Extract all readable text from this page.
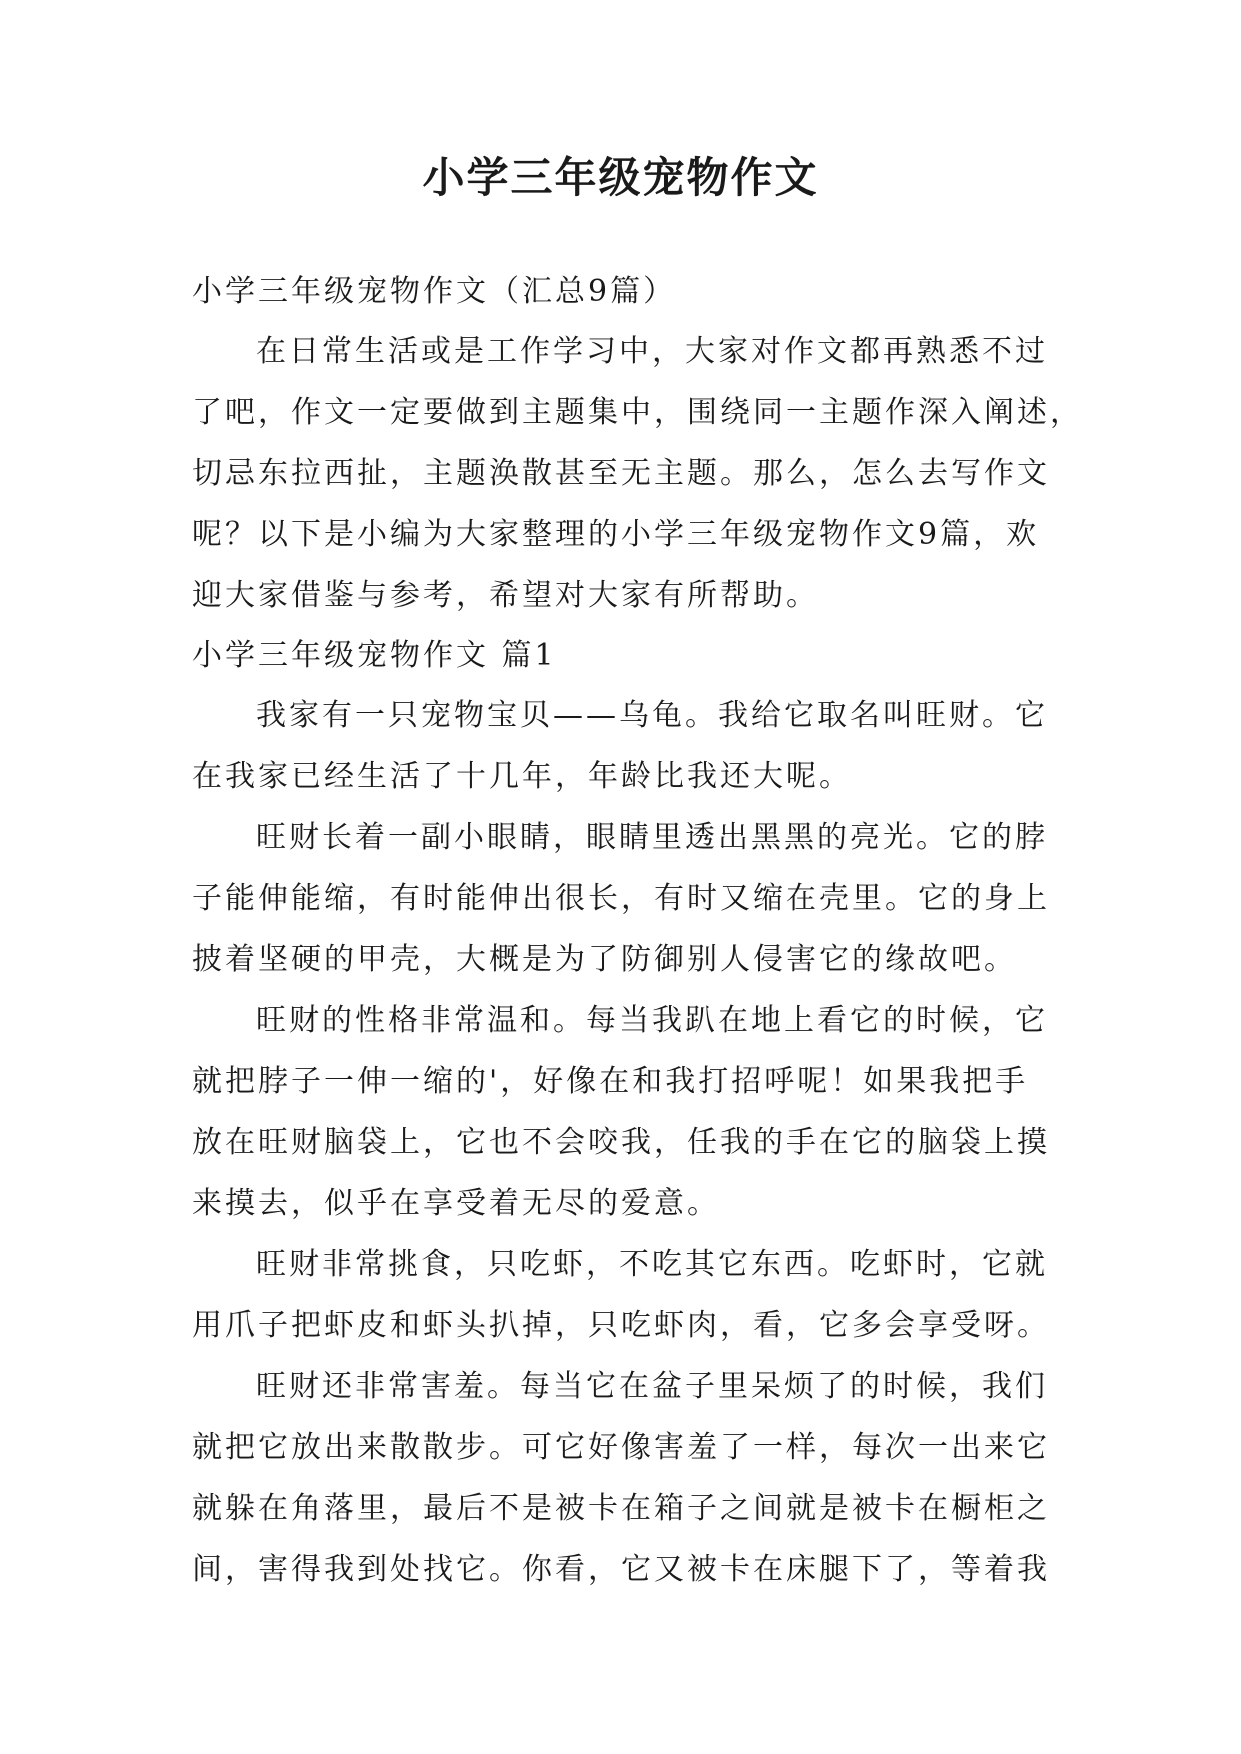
小学三年级宠物作文
小学三年级宠物作文（汇总9篇）
在日常生活或是工作学习中，大家对作文都再熟悉不过
了吧，作文一定要做到主题集中，围绕同一主题作深入阐述，
切忌东拉西扯，主题涣散甚至无主题。那么，怎么去写作文
呢？以下是小编为大家整理的小学三年级宠物作文9篇，欢
迎大家借鉴与参考，希望对大家有所帮助。
小学三年级宠物作文 篇1
我家有一只宠物宝贝——乌龟。我给它取名叫旺财。它
在我家已经生活了十几年，年龄比我还大呢。
旺财长着一副小眼睛，眼睛里透出黑黑的亮光。它的脖
子能伸能缩，有时能伸出很长，有时又缩在壳里。它的身上
披着坚硬的甲壳，大概是为了防御别人侵害它的缘故吧。
旺财的性格非常温和。每当我趴在地上看它的时候，它
就把脖子一伸一缩的'，好像在和我打招呼呢！如果我把手
放在旺财脑袋上，它也不会咬我，任我的手在它的脑袋上摸
来摸去，似乎在享受着无尽的爱意。
旺财非常挑食，只吃虾，不吃其它东西。吃虾时，它就
用爪子把虾皮和虾头扒掉，只吃虾肉，看，它多会享受呀。
旺财还非常害羞。每当它在盆子里呆烦了的时候，我们
就把它放出来散散步。可它好像害羞了一样，每次一出来它
就躲在角落里，最后不是被卡在箱子之间就是被卡在橱柜之
间，害得我到处找它。你看，它又被卡在床腿下了，等着我
